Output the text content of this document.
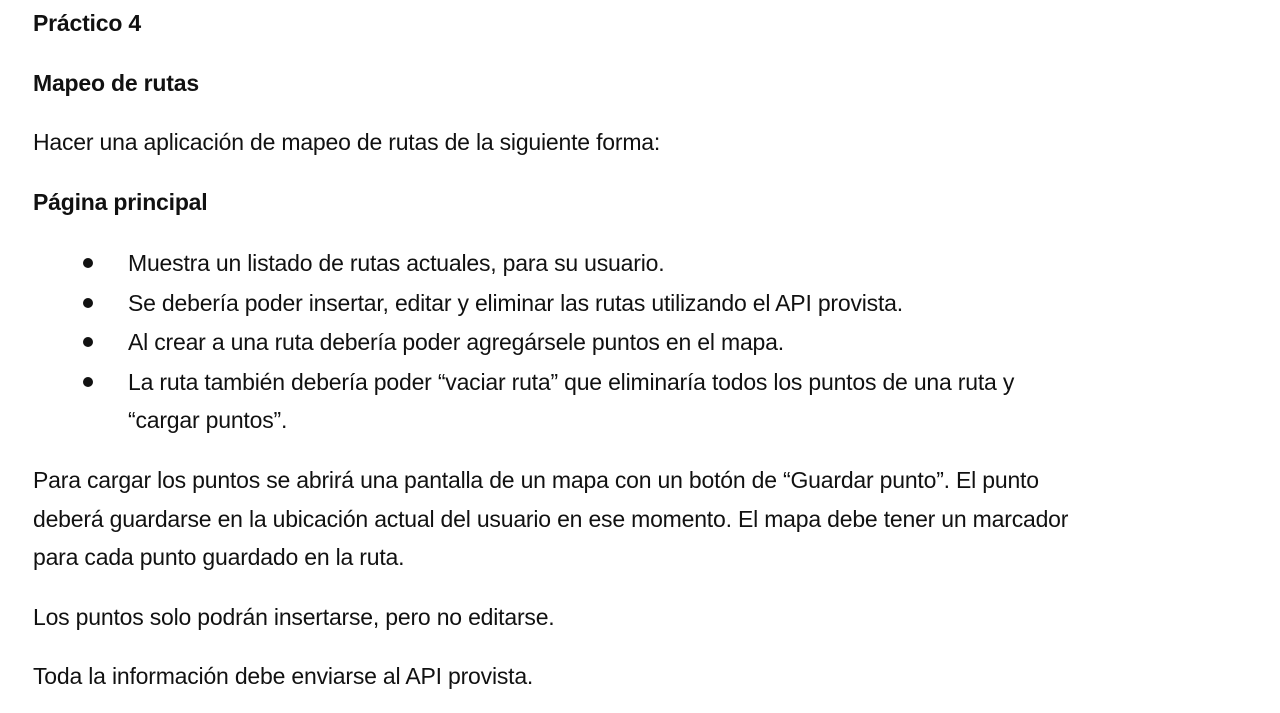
Práctico 4
Mapeo de rutas
Hacer una aplicación de mapeo de rutas de la siguiente forma:
Página principal
Muestra un listado de rutas actuales, para su usuario.
Se debería poder insertar, editar y eliminar las rutas utilizando el API provista.
Al crear a una ruta debería poder agregársele puntos en el mapa.
La ruta también debería poder “vaciar ruta” que eliminaría todos los puntos de una ruta y
“cargar puntos”.
Para cargar los puntos se abrirá una pantalla de un mapa con un botón de “Guardar punto”. El punto
deberá guardarse en la ubicación actual del usuario en ese momento. El mapa debe tener un marcador
para cada punto guardado en la ruta.
Los puntos solo podrán insertarse, pero no editarse.
Toda la información debe enviarse al API provista.
